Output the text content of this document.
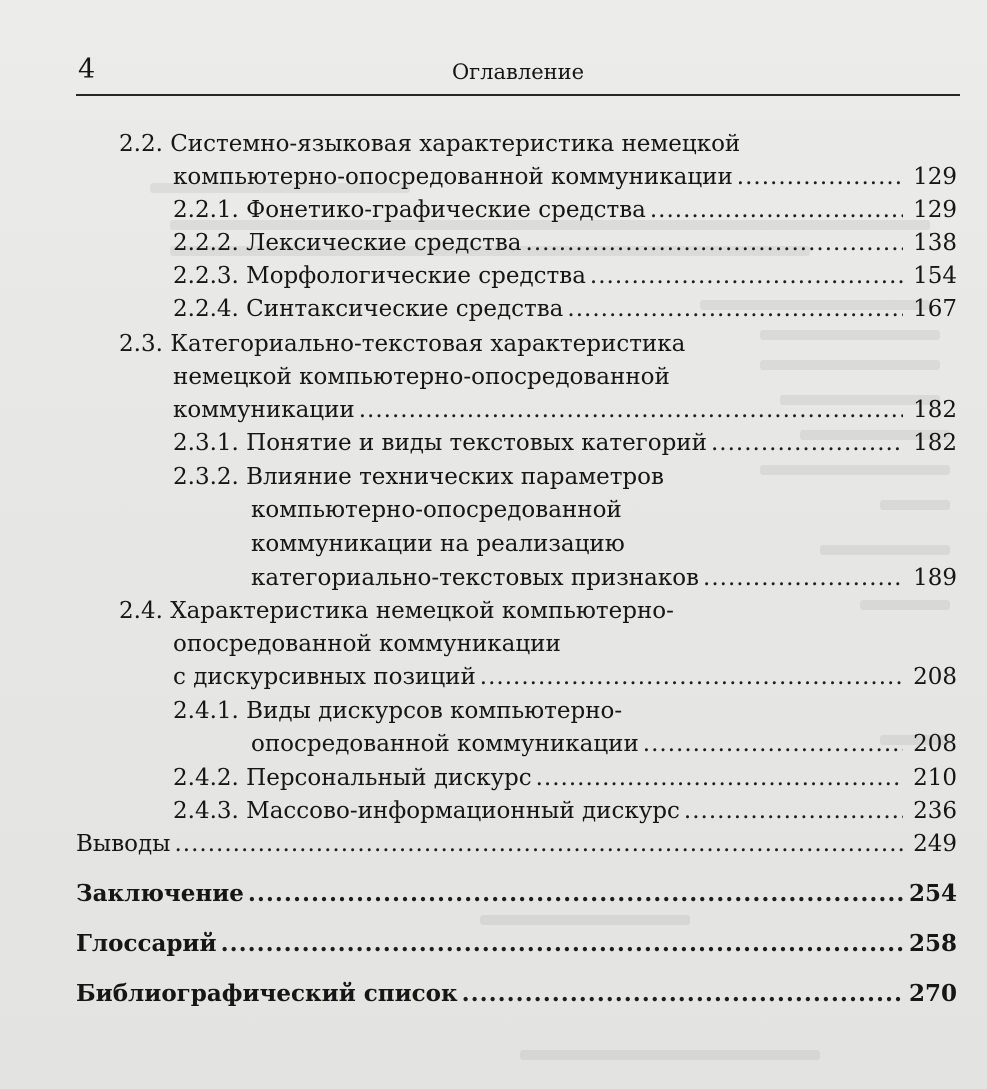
4	Оглавление
2.2. Системно-языковая характеристика немецкой
компьютерно-опосредованной коммуникации .....	129
2.2.1. Фонетико-графические средства .....	129
2.2.2. Лексические средства .....	138
2.2.3. Морфологические средства .....	154
2.2.4. Синтаксические средства .....	167
2.3. Категориально-текстовая характеристика
немецкой компьютерно-опосредованной
коммуникации .....	182
2.3.1. Понятие и виды текстовых категорий .....	182
2.3.2. Влияние технических параметров
компьютерно-опосредованной
коммуникации на реализацию
категориально-текстовых признаков .....	189
2.4. Характеристика немецкой компьютерно-
опосредованной коммуникации
с дискурсивных позиций .....	208
2.4.1. Виды дискурсов компьютерно-
опосредованной коммуникации .....	208
2.4.2. Персональный дискурс .....	210
2.4.3. Массово-информационный дискурс .....	236
Выводы .....	249
Заключение .....	254
Глоссарий .....	258
Библиографический список .....	270
